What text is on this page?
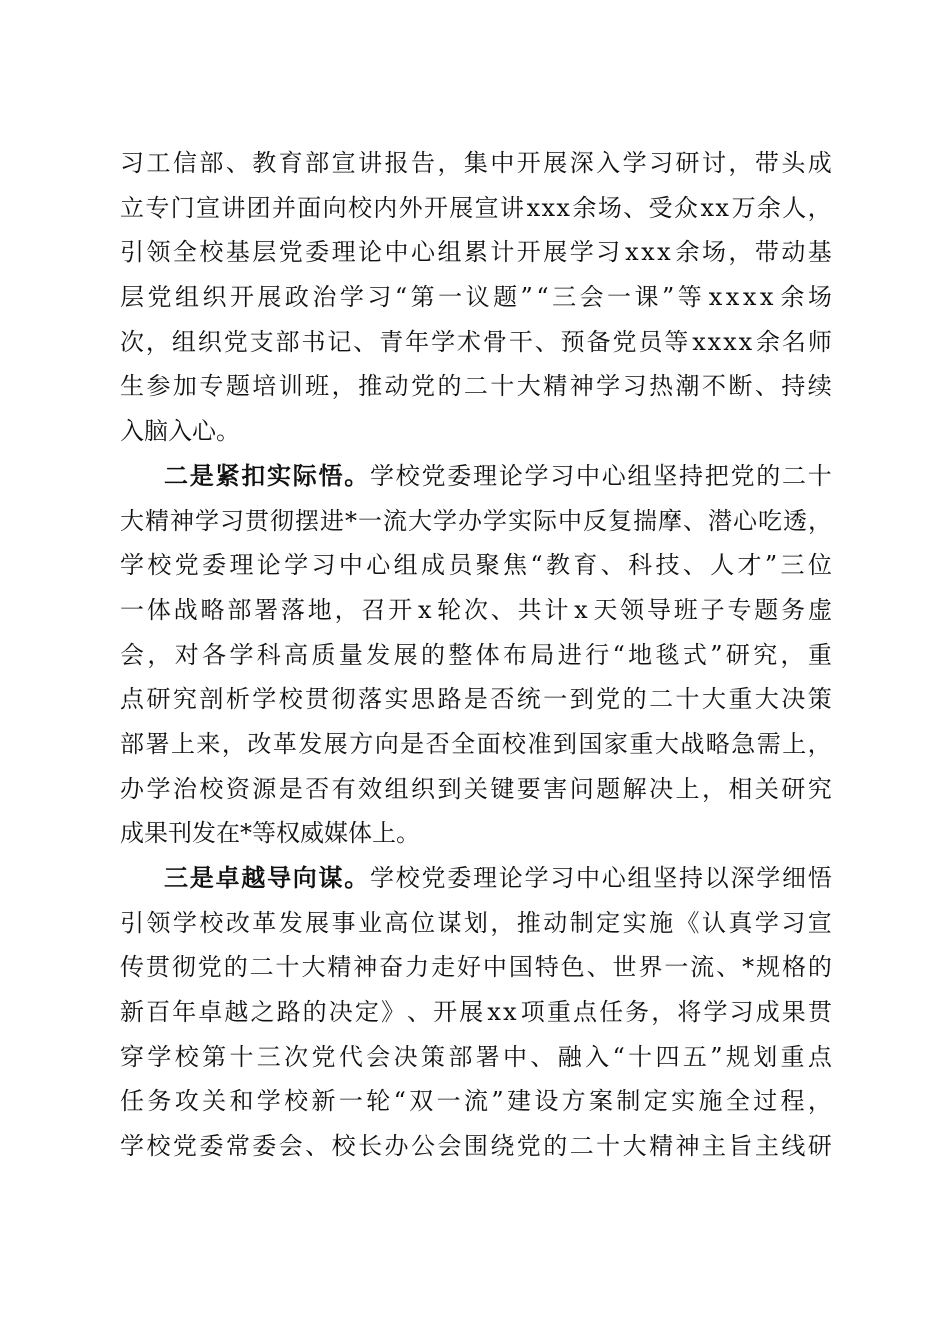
习 工 信 部 、 教 育 部 宣 讲 报 告 ， 集 中 开 展 深 入 学 习 研 讨 ， 带 头 成
立 专 门 宣 讲 团 并 面 向 校 内 外 开 展 宣 讲 x x x 余 场 、 受 众 x x 万 余 人 ，
引 领 全 校 基 层 党 委 理 论 中 心 组 累 计 开 展 学 习 x x x 余 场 ， 带 动 基
层 党 组 织 开 展 政 治 学 习 “ 第 一 议 题 ” “ 三 会 一 课 ” 等 x x x x 余 场
次 ， 组 织 党 支 部 书 记 、 青 年 学 术 骨 干 、 预 备 党 员 等 x x x x 余 名 师
生 参 加 专 题 培 训 班 ， 推 动 党 的 二 十 大 精 神 学 习 热 潮 不 断 、 持 续
入脑入心。
二 是 紧 扣 实 际 悟 。 学 校 党 委 理 论 学 习 中 心 组 坚 持 把 党 的 二 十
大 精 神 学 习 贯 彻 摆 进 * 一 流 大 学 办 学 实 际 中 反 复 揣 摩 、 潜 心 吃 透 ，
学 校 党 委 理 论 学 习 中 心 组 成 员 聚 焦 “ 教 育 、 科 技 、 人 才 ” 三 位
一 体 战 略 部 署 落 地 ， 召 开 x 轮 次 、 共 计 x 天 领 导 班 子 专 题 务 虚
会 ， 对 各 学 科 高 质 量 发 展 的 整 体 布 局 进 行 “ 地 毯 式 ” 研 究 ， 重
点 研 究 剖 析 学 校 贯 彻 落 实 思 路 是 否 统 一 到 党 的 二 十 大 重 大 决 策
部 署 上 来 ， 改 革 发 展 方 向 是 否 全 面 校 准 到 国 家 重 大 战 略 急 需 上 ，
办 学 治 校 资 源 是 否 有 效 组 织 到 关 键 要 害 问 题 解 决 上 ， 相 关 研 究
成果刊发在*等权威媒体上。
三 是 卓 越 导 向 谋 。 学 校 党 委 理 论 学 习 中 心 组 坚 持 以 深 学 细 悟
引 领 学 校 改 革 发 展 事 业 高 位 谋 划 ， 推 动 制 定 实 施 《 认 真 学 习 宣
传 贯 彻 党 的 二 十 大 精 神 奋 力 走 好 中 国 特 色 、 世 界 一 流 、 * 规 格 的
新 百 年 卓 越 之 路 的 决 定 》 、 开 展 x x 项 重 点 任 务 ， 将 学 习 成 果 贯
穿 学 校 第 十 三 次 党 代 会 决 策 部 署 中 、 融 入 “ 十 四 五 ” 规 划 重 点
任 务 攻 关 和 学 校 新 一 轮 “ 双 一 流 ” 建 设 方 案 制 定 实 施 全 过 程 ，
学 校 党 委 常 委 会 、 校 长 办 公 会 围 绕 党 的 二 十 大 精 神 主 旨 主 线 研
